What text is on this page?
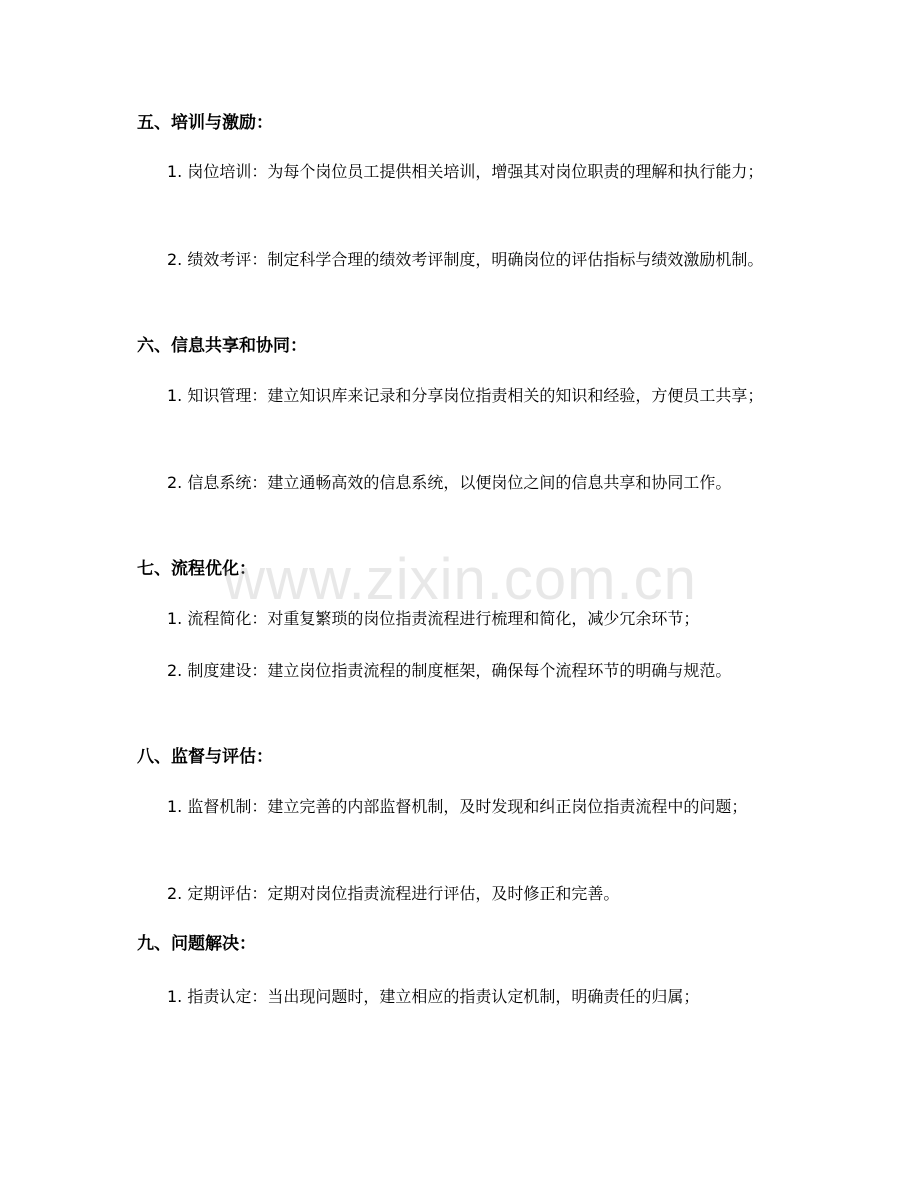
五、培训与激励：

1. 岗位培训：为每个岗位员工提供相关培训，增强其对岗位职责的理解和执行能力；

2. 绩效考评：制定科学合理的绩效考评制度，明确岗位的评估指标与绩效激励机制。

六、信息共享和协同：

1. 知识管理：建立知识库来记录和分享岗位指责相关的知识和经验，方便员工共享；

2. 信息系统：建立通畅高效的信息系统，以便岗位之间的信息共享和协同工作。

七、流程优化：

1. 流程简化：对重复繁琐的岗位指责流程进行梳理和简化，减少冗余环节；

2. 制度建设：建立岗位指责流程的制度框架，确保每个流程环节的明确与规范。

八、监督与评估：

1. 监督机制：建立完善的内部监督机制，及时发现和纠正岗位指责流程中的问题；

2. 定期评估：定期对岗位指责流程进行评估，及时修正和完善。

九、问题解决：

1. 指责认定：当出现问题时，建立相应的指责认定机制，明确责任的归属；

www.zixin.com.cn
